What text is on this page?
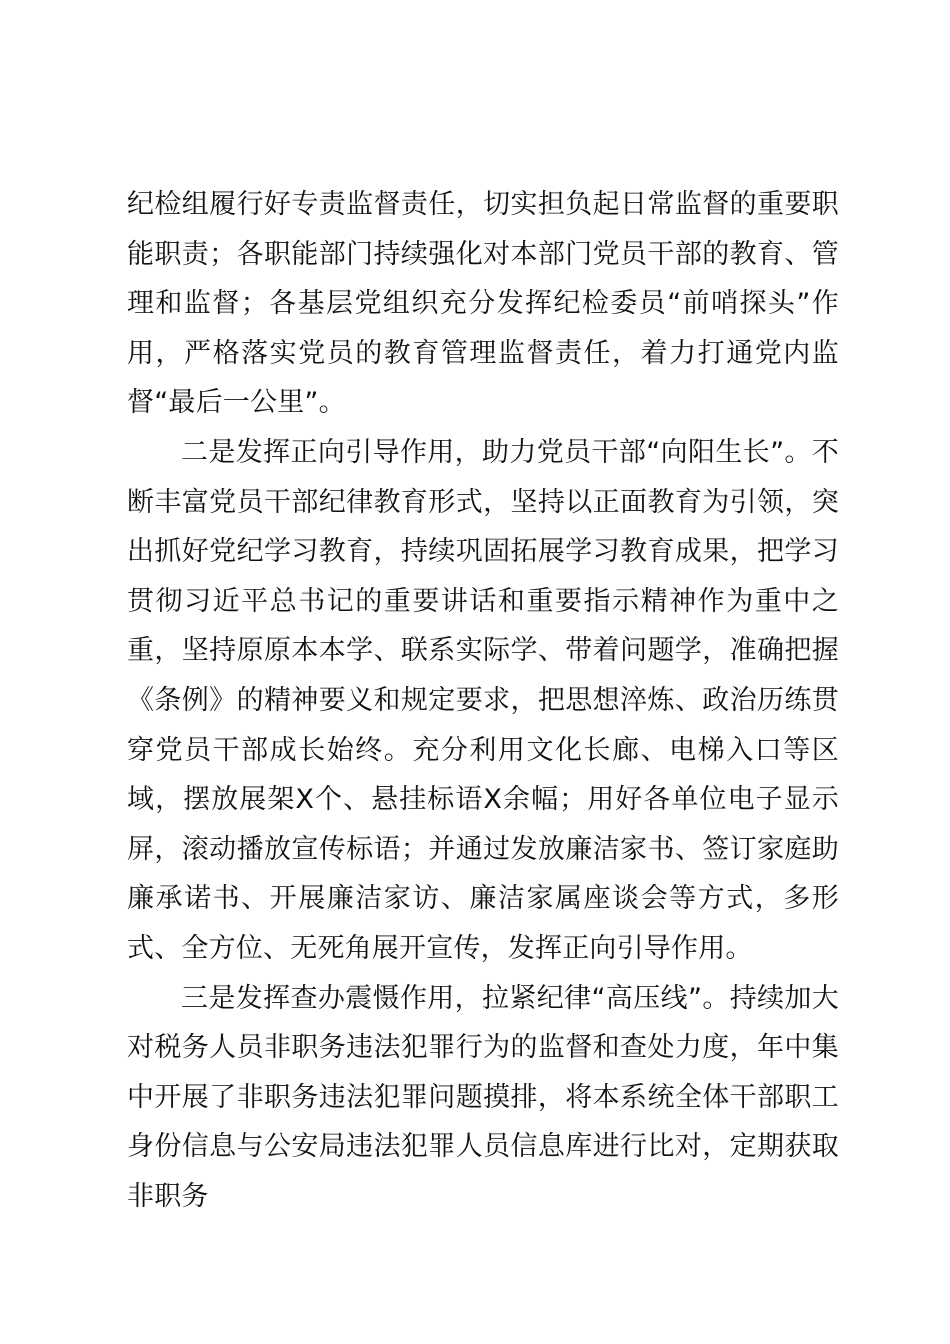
纪检组履行好专责监督责任，切实担负起日常监督的重要职能职责；各职能部门持续强化对本部门党员干部的教育、管理和监督；各基层党组织充分发挥纪检委员“前哨探头”作用，严格落实党员的教育管理监督责任，着力打通党内监督“最后一公里”。

二是发挥正向引导作用，助力党员干部“向阳生长”。不断丰富党员干部纪律教育形式，坚持以正面教育为引领，突出抓好党纪学习教育，持续巩固拓展学习教育成果，把学习贯彻习近平总书记的重要讲话和重要指示精神作为重中之重，坚持原原本本学、联系实际学、带着问题学，准确把握《条例》的精神要义和规定要求，把思想淬炼、政治历练贯穿党员干部成长始终。充分利用文化长廊、电梯入口等区域，摆放展架X个、悬挂标语X余幅；用好各单位电子显示屏，滚动播放宣传标语；并通过发放廉洁家书、签订家庭助廉承诺书、开展廉洁家访、廉洁家属座谈会等方式，多形式、全方位、无死角展开宣传，发挥正向引导作用。

三是发挥查办震慑作用，拉紧纪律“高压线”。持续加大对税务人员非职务违法犯罪行为的监督和查处力度，年中集中开展了非职务违法犯罪问题摸排，将本系统全体干部职工身份信息与公安局违法犯罪人员信息库进行比对，定期获取非职务
